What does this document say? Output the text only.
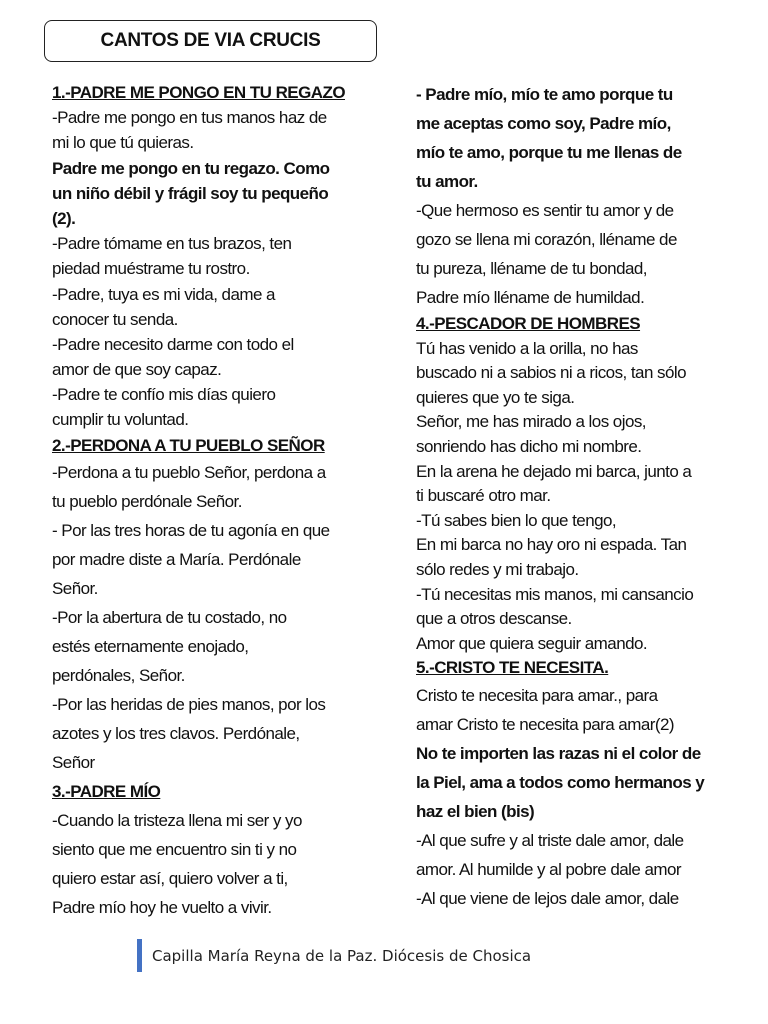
CANTOS DE VIA CRUCIS
1.-PADRE ME PONGO EN TU REGAZO
-Padre me pongo en tus manos haz de
mi lo que tú quieras.
Padre me pongo en tu regazo. Como
un niño débil y frágil soy tu pequeño
(2).
-Padre tómame en tus brazos, ten
piedad muéstrame tu rostro.
-Padre, tuya es mi vida, dame a
conocer tu senda.
-Padre necesito darme con todo el
amor de que soy capaz.
-Padre te confío mis días quiero
cumplir tu voluntad.
2.-PERDONA A TU PUEBLO SEÑOR
-Perdona a tu pueblo Señor, perdona a
tu pueblo perdónale Señor.
- Por las tres horas de tu agonía en que
por madre diste a María. Perdónale
Señor.
-Por la abertura de tu costado, no
estés eternamente enojado,
perdónales, Señor.
-Por las heridas de pies manos, por los
azotes y los tres clavos. Perdónale,
Señor
3.-PADRE MÍO
-Cuando la tristeza llena mi ser y yo
siento que me encuentro sin ti y no
quiero estar así, quiero volver a ti,
Padre mío hoy he vuelto a vivir.
- Padre mío, mío te amo porque tu
me aceptas como soy, Padre mío,
mío te amo, porque tu me llenas de
tu amor.
-Que hermoso es sentir tu amor y de
gozo se llena mi corazón, lléname de
tu pureza, lléname de tu bondad,
Padre mío lléname de humildad.
4.-PESCADOR DE HOMBRES
Tú has venido a la orilla, no has
buscado ni a sabios ni a ricos, tan sólo
quieres que yo te siga.
Señor, me has mirado a los ojos,
sonriendo has dicho mi nombre.
En la arena he dejado mi barca, junto a
ti buscaré otro mar.
-Tú sabes bien lo que tengo,
En mi barca no hay oro ni espada. Tan
sólo redes y mi trabajo.
-Tú necesitas mis manos, mi cansancio
que a otros descanse.
Amor que quiera seguir amando.
5.-CRISTO TE NECESITA.
Cristo te necesita para amar., para
amar Cristo te necesita para amar(2)
No te importen las razas ni el color de
la Piel, ama a todos como hermanos y
haz el bien (bis)
-Al que sufre y al triste dale amor, dale
amor. Al humilde y al pobre dale amor
-Al que viene de lejos dale amor, dale
Capilla María Reyna de la Paz. Diócesis de Chosica
